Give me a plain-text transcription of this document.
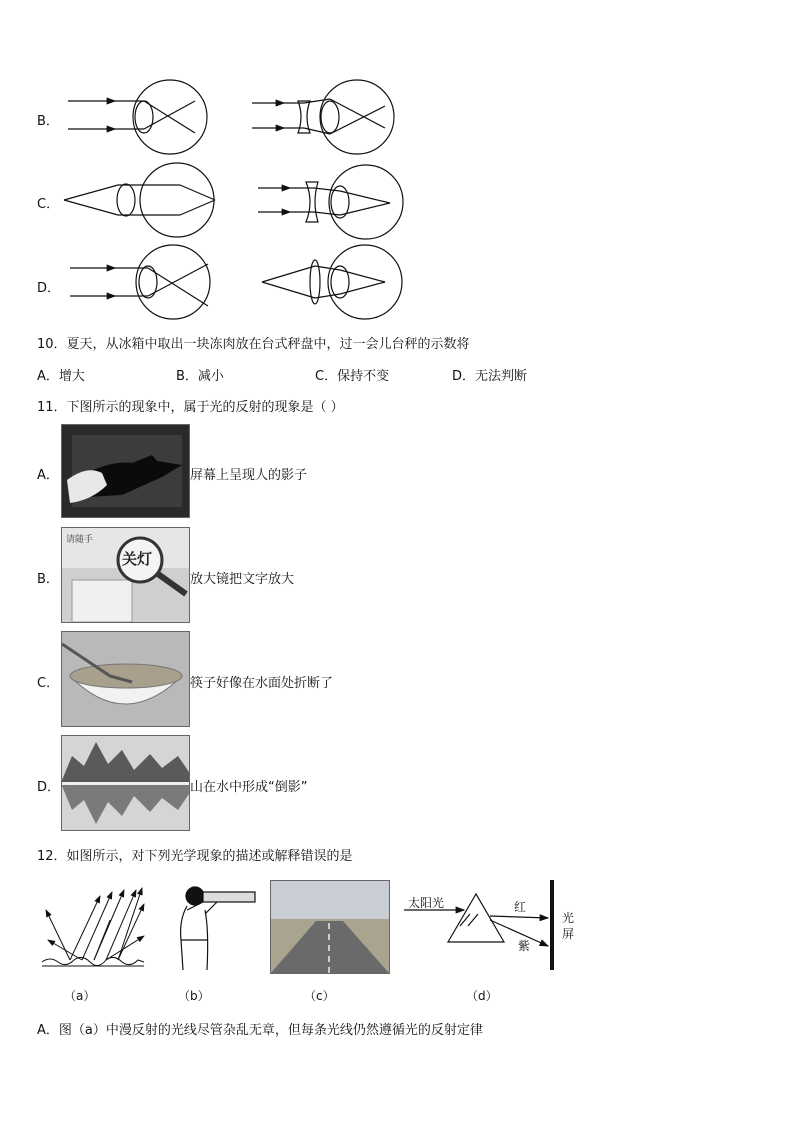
B．
C．
D．
10．夏天，从冰箱中取出一块冻肉放在台式秤盘中，过一会儿台秤的示数将
A．增大	B．减小	C．保持不变	D．无法判断
11．下图所示的现象中，属于光的反射的现象是（ ）
A．	屏幕上呈现人的影子
B．
请随手
关灯
放大镜把文字放大
C．	筷子好像在水面处折断了
D．	山在水中形成“倒影”
12．如图所示，对下列光学现象的描述或解释错误的是
（a）	（b）	（c）
太阳光	红
紫
光屏
（d）
A．图（a）中漫反射的光线尽管杂乱无章，但每条光线仍然遵循光的反射定律
